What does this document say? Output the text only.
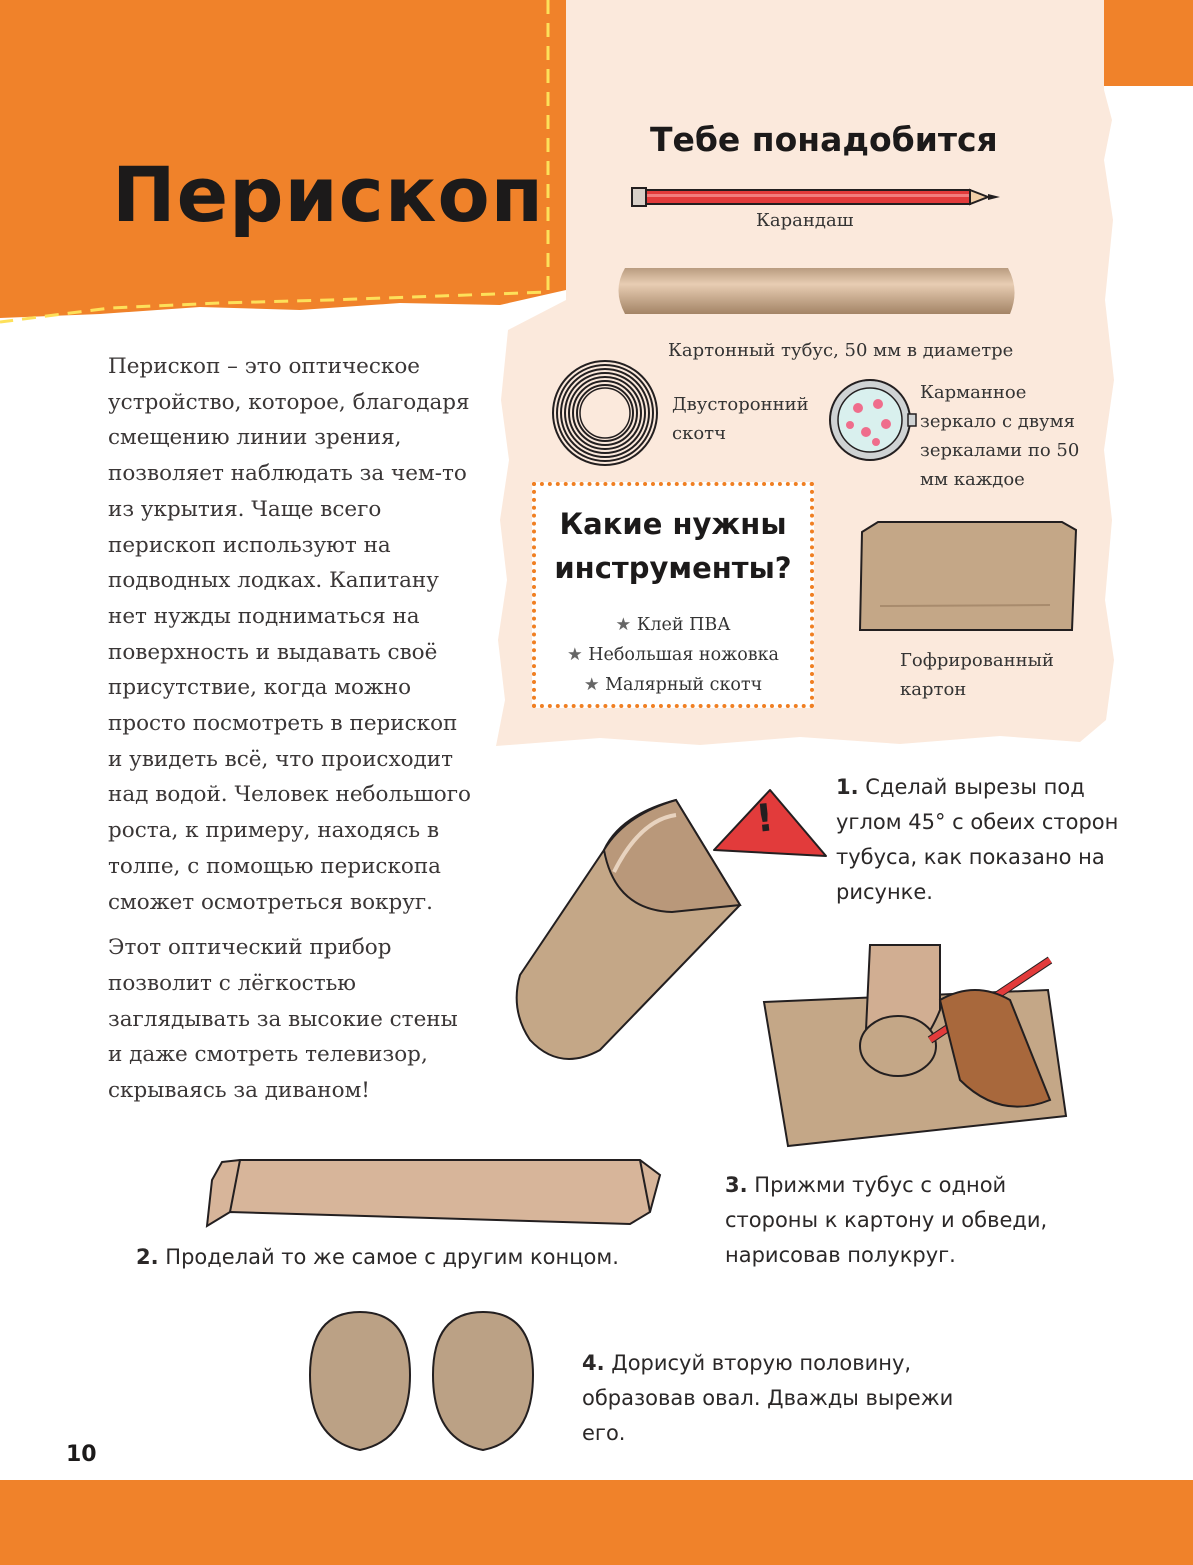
Перископ
Тебе понадобится
Карандаш
Картонный тубус, 50 мм в диаметре
Двусторонний
скотч
Карманное
зеркало с двумя
зеркалами по 50
мм каждое
Гофрированный
картон
Какие нужны
инструменты?
★ Клей ПВА
★ Небольшая ножовка
★ Малярный скотч

Перископ – это оптическое устройство, которое, благодаря смещению линии зрения, позволяет наблюдать за чем-то из укрытия. Чаще всего перископ используют на подводных лодках. Капитану нет нужды подниматься на поверхность и выдавать своё присутствие, когда можно просто посмотреть в перископ и увидеть всё, что происходит над водой. Человек небольшого роста, к примеру, находясь в толпе, с помощью перископа сможет осмотреться вокруг.

Этот оптический прибор позволит с лёгкостью заглядывать за высокие стены и даже смотреть телевизор, скрываясь за диваном!

!
1. Сделай вырезы под углом 45° с обеих сторон тубуса, как показано на рисунке.
2. Проделай то же самое с другим концом.
3. Прижми тубус с одной стороны к картону и обведи, нарисовав полукруг.
4. Дорисуй вторую половину, образовав овал. Дважды вырежи его.
10
